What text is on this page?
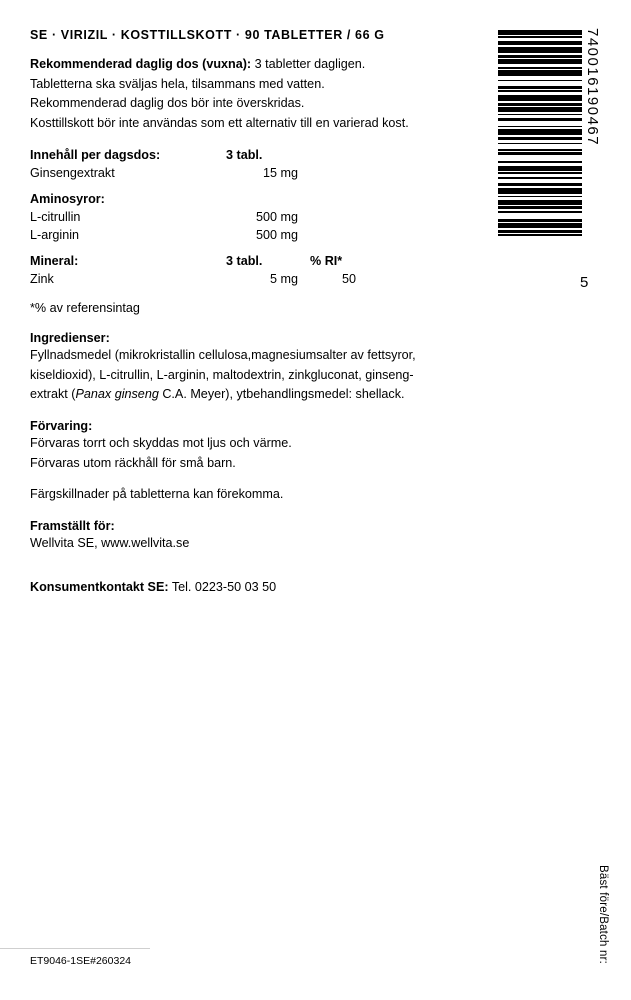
740016190467
5
SE · VIRIZIL · KOSTTILLSKOTT · 90 TABLETTER / 66 G

Rekommenderad daglig dos (vuxna): 3 tabletter dagligen.

Tabletterna ska sväljas hela, tilsammans med vatten.

Rekommenderad daglig dos bör inte överskridas.

Kosttillskott bör inte användas som ett alternativ till en varierad kost.

Innehåll per dagsdos:	3 tabl.
Ginsengextrakt	15 mg
Aminosyror:
L-citrullin	500 mg
L-arginin	500 mg
Mineral:	3 tabl.	% RI*
Zink	5 mg	50

*% av referensintag

Ingredienser:

Fyllnadsmedel (mikrokristallin cellulosa,magnesiumsalter av fettsyror,

kiseldioxid), L-citrullin, L-arginin, maltodextrin, zinkgluconat, ginseng-

extrakt (Panax ginseng C.A. Meyer), ytbehandlingsmedel: shellack.

Förvaring:

Förvaras torrt och skyddas mot ljus och värme.

Förvaras utom räckhåll för små barn.

Färgskillnader på tabletterna kan förekomma.

Framställt för:

Wellvita SE, www.wellvita.se

Konsumentkontakt SE: Tel. 0223-50 03 50

ET9046-1SE#260324	Bäst före/Batch nr:
